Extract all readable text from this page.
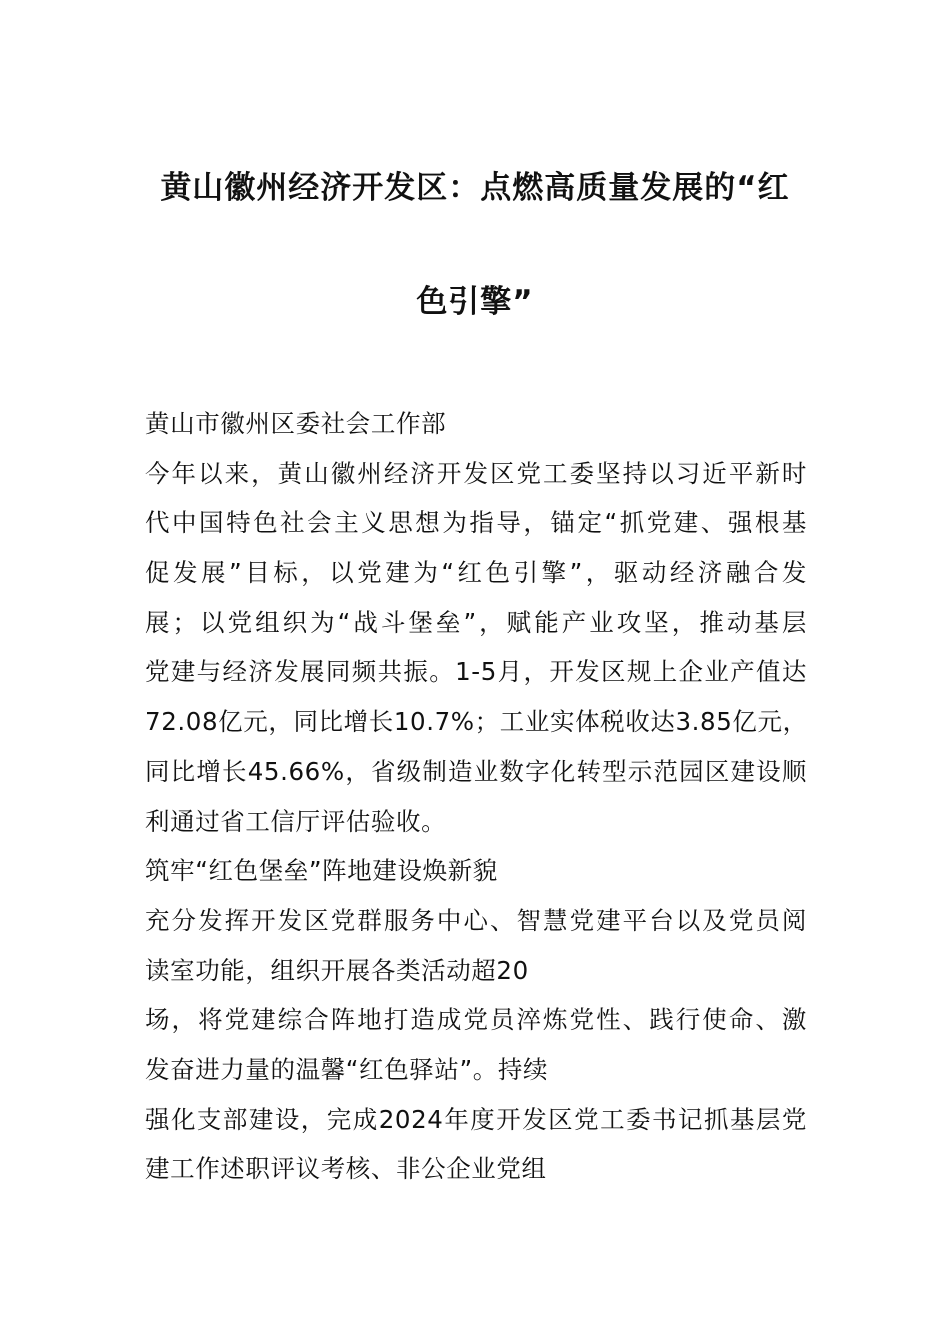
黄山徽州经济开发区：点燃高质量发展的“红
色引擎”
黄山市徽州区委社会工作部
今年以来，黄山徽州经济开发区党工委坚持以习近平新时
代中国特色社会主义思想为指导，锚定“抓党建、强根基
促发展”目标，以党建为“红色引擎”，驱动经济融合发
展；以党组织为“战斗堡垒”，赋能产业攻坚，推动基层
党建与经济发展同频共振。1-5月，开发区规上企业产值达
72.08亿元，同比增长10.7%；工业实体税收达3.85亿元，
同比增长45.66%，省级制造业数字化转型示范园区建设顺
利通过省工信厅评估验收。
筑牢“红色堡垒”阵地建设焕新貌
充分发挥开发区党群服务中心、智慧党建平台以及党员阅
读室功能，组织开展各类活动超20
场，将党建综合阵地打造成党员淬炼党性、践行使命、激
发奋进力量的温馨“红色驿站”。持续
强化支部建设，完成2024年度开发区党工委书记抓基层党
建工作述职评议考核、非公企业党组
